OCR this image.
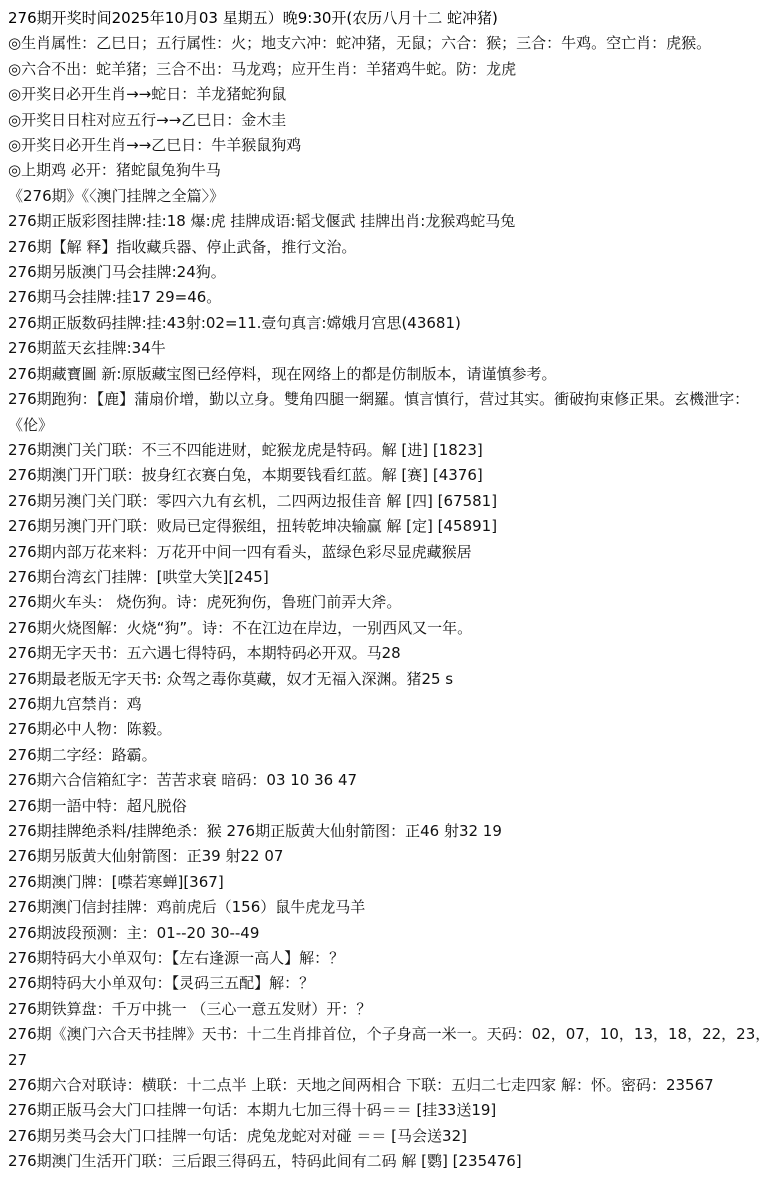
276期开奖时间2025年10月03 星期五）晚9:30开(农历八月十二 蛇冲猪)
◎生肖属性：乙巳日；五行属性：火；地支六冲：蛇冲猪，无鼠；六合：猴；三合：牛鸡。空亡肖：虎猴。
◎六合不出：蛇羊猪；三合不出：马龙鸡；应开生肖：羊猪鸡牛蛇。防：龙虎
◎开奖日必开生肖→→蛇日：羊龙猪蛇狗鼠
◎开奖日日柱对应五行→→乙巳日：金木圭
◎开奖日必开生肖→→乙巳日：牛羊猴鼠狗鸡
◎上期鸡 必开：猪蛇鼠兔狗牛马
《276期》《〈澳门挂牌之全篇〉》
276期正版彩图挂牌:挂:18 爆:虎 挂牌成语:韬戈偃武 挂牌出肖:龙猴鸡蛇马兔
276期【解 释】指收藏兵器、停止武备，推行文治。
276期另版澳门马会挂牌:24狗。
276期马会挂牌:挂17 29=46。
276期正版数码挂牌:挂:43射:02=11.壹句真言:嫦娥月宫思(43681)
276期蓝天玄挂牌:34牛
276期藏寶圖 新:原版藏宝图已经停料，现在网络上的都是仿制版本，请谨慎参考。
276期跑狗：【鹿】蒲扇价增，勤以立身。雙角四腿一網羅。慎言慎行，营过其实。衝破拘束修正果。玄機泄字：《伦》
276期澳门关门联：不三不四能进财，蛇猴龙虎是特码。解 [进] [1823]
276期澳门开门联：披身红衣赛白兔，本期要钱看红蓝。解 [赛] [4376]
276期另澳门关门联：零四六九有玄机，二四两边报佳音 解 [四] [67581]
276期另澳门开门联：败局已定得猴组，扭转乾坤决输赢 解 [定] [45891]
276期内部万花来料：万花开中间一四有看头，蓝绿色彩尽显虎藏猴居
276期台湾玄门挂牌：[哄堂大笑][245]
276期火车头： 烧伤狗。诗：虎死狗伤，鲁班门前弄大斧。
276期火烧图解：火烧“狗”。诗：不在江边在岸边，一别西风又一年。
276期无字天书：五六遇七得特码，本期特码必开双。马28
276期最老版无字天书: 众驾之毒你莫藏，奴才无福入深渊。猪25 s
276期九宫禁肖：鸡
276期必中人物：陈毅。
276期二字经：路霸。
276期六合信箱紅字：苦苦求衰 暗码：03 10 36 47
276期一語中特：超凡脱俗
276期挂牌绝杀料/挂牌绝杀：猴 276期正版黄大仙射箭图：正46 射32 19
276期另版黄大仙射箭图：正39 射22 07
276期澳门牌：[噤若寒蝉][367]
276期澳门信封挂牌：鸡前虎后（156）鼠牛虎龙马羊
276期波段预测：主：01--20 30--49
276期特码大小单双句：【左右逢源一高人】解：？
276期特码大小单双句：【灵码三五配】解：？
276期铁算盘：千万中挑一 （三心一意五发财）开：？
276期《澳门六合天书挂牌》天书：十二生肖排首位，个子身高一米一。天码：02，07，10，13，18，22，23，27
276期六合对联诗：横联：十二点半 上联：天地之间两相合 下联：五归二七走四家 解：怀。密码：23567
276期正版马会大门口挂牌一句话：本期九七加三得十码＝＝ [挂33送19]
276期另类马会大门口挂牌一句话：虎兔龙蛇对对碰 ＝＝ [马会送32]
276期澳门生活开门联：三后跟三得码五，特码此间有二码 解 [鹦] [235476]
